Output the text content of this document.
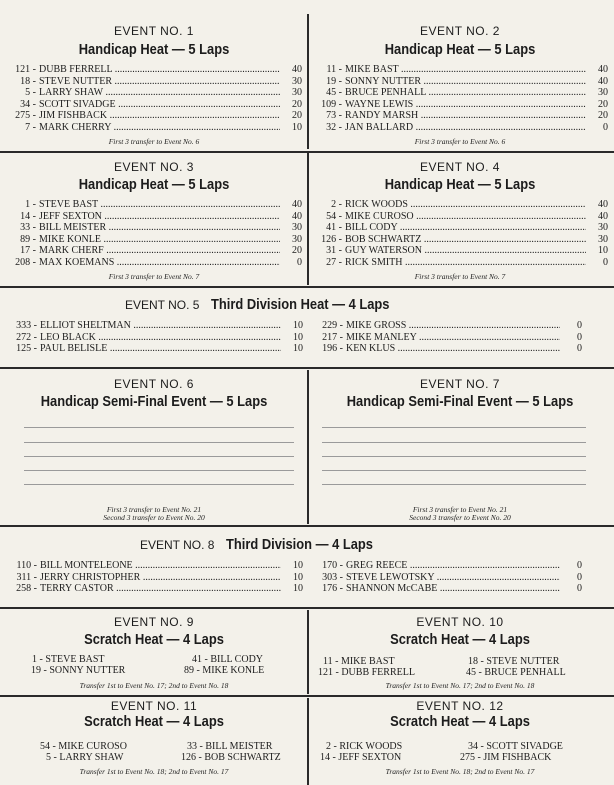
EVENT NO. 1
Handicap Heat — 5 Laps
121 - DUBB FERRELL .....	40
18 - STEVE NUTTER .....	30
5 - LARRY SHAW .....	30
34 - SCOTT SIVADGE .....	20
275 - JIM FISHBACK .....	20
7 - MARK CHERRY .....	10
First 3 transfer to Event No. 6
EVENT NO. 2
Handicap Heat — 5 Laps
11 - MIKE BAST .....	40
19 - SONNY NUTTER .....	40
45 - BRUCE PENHALL .....	30
109 - WAYNE LEWIS .....	20
73 - RANDY MARSH .....	20
32 - JAN BALLARD .....	0
First 3 transfer to Event No. 6
EVENT NO. 3
Handicap Heat — 5 Laps
1 - STEVE BAST .....	40
14 - JEFF SEXTON .....	40
33 - BILL MEISTER .....	30
89 - MIKE KONLE .....	30
17 - MARK CHERF .....	20
208 - MAX KOEMANS .....	0
First 3 transfer to Event No. 7
EVENT NO. 4
Handicap Heat — 5 Laps
2 - RICK WOODS .....	40
54 - MIKE CUROSO .....	40
41 - BILL CODY .....	30
126 - BOB SCHWARTZ .....	30
31 - GUY WATERSON .....	10
27 - RICK SMITH .....	0
First 3 transfer to Event No. 7
EVENT NO. 5 Third Division Heat — 4 Laps
333 - ELLIOT SHELTMAN .....	10
272 - LEO BLACK .....	10
125 - PAUL BELISLE .....	10
229 - MIKE GROSS .....	0
217 - MIKE MANLEY .....	0
196 - KEN KLUS .....	0
EVENT NO. 6
Handicap Semi-Final Event — 5 Laps
First 3 transfer to Event No. 21
Second 3 transfer to Event No. 20
EVENT NO. 7
Handicap Semi-Final Event — 5 Laps
First 3 transfer to Event No. 21
Second 3 transfer to Event No. 20
EVENT NO. 8 Third Division — 4 Laps
110 - BILL MONTELEONE .....	10
311 - JERRY CHRISTOPHER .....	10
258 - TERRY CASTOR .....	10
170 - GREG REECE .....	0
303 - STEVE LEWOTSKY .....	0
176 - SHANNON McCABE .....	0
EVENT NO. 9
Scratch Heat — 4 Laps
1 - STEVE BAST
19 - SONNY NUTTER
41 - BILL CODY
89 - MIKE KONLE
Transfer 1st to Event No. 17; 2nd to Event No. 18
EVENT NO. 10
Scratch Heat — 4 Laps
11 - MIKE BAST
121 - DUBB FERRELL
18 - STEVE NUTTER
45 - BRUCE PENHALL
Transfer 1st to Event No. 17; 2nd to Event No. 18
EVENT NO. 11
Scratch Heat — 4 Laps
54 - MIKE CUROSO
5 - LARRY SHAW
33 - BILL MEISTER
126 - BOB SCHWARTZ
Transfer 1st to Event No. 18; 2nd to Event No. 17
EVENT NO. 12
Scratch Heat — 4 Laps
2 - RICK WOODS
14 - JEFF SEXTON
34 - SCOTT SIVADGE
275 - JIM FISHBACK
Transfer 1st to Event No. 18; 2nd to Event No. 17
